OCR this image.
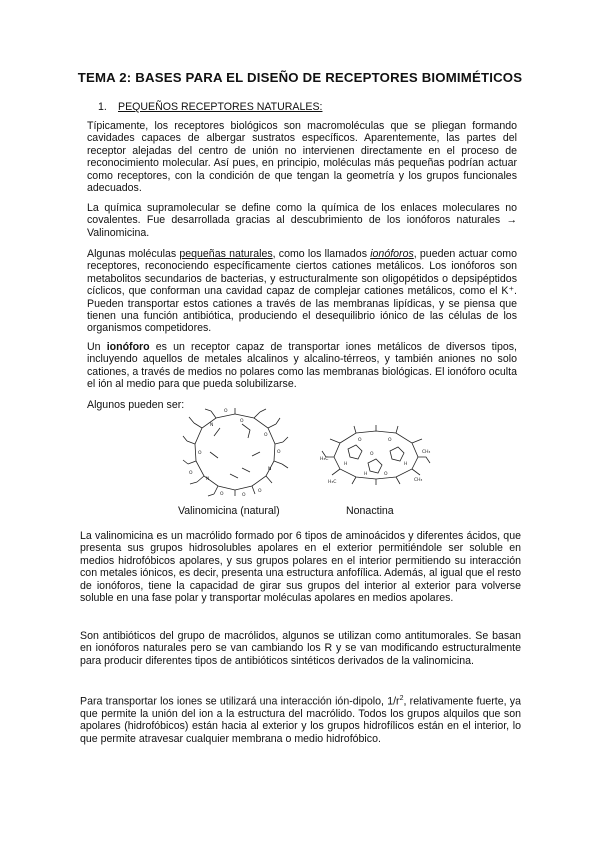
TEMA 2: BASES PARA EL DISEÑO DE RECEPTORES BIOMIMÉTICOS
1. PEQUEÑOS RECEPTORES NATURALES:

Típicamente, los receptores biológicos son macromoléculas que se pliegan formando cavidades capaces de albergar sustratos específicos. Aparentemente, las partes del receptor alejadas del centro de unión no intervienen directamente en el proceso de reconocimiento molecular. Así pues, en principio, moléculas más pequeñas podrían actuar como receptores, con la condición de que tengan la geometría y los grupos funcionales adecuados.

La química supramolecular se define como la química de los enlaces moleculares no covalentes. Fue desarrollada gracias al descubrimiento de los ionóforos naturales → Valinomicina.

Algunas moléculas pequeñas naturales, como los llamados ionóforos, pueden actuar como receptores, reconociendo específicamente ciertos cationes metálicos. Los ionóforos son metabolitos secundarios de bacterias, y estructuralmente son oligopétidos o depsipéptidos cíclicos, que conforman una cavidad capaz de complejar cationes metálicos, como el K⁺. Pueden transportar estos cationes a través de las membranas lipídicas, y se piensa que tienen una función antibiótica, produciendo el desequilibrio iónico de las células de los organismos competidores.

Un ionóforo es un receptor capaz de transportar iones metálicos de diversos tipos, incluyendo aquellos de metales alcalinos y alcalino-térreos, y también aniones no solo cationes, a través de medios no polares como las membranas biológicas. El ionóforo oculta el ión al medio para que pueda solubilizarse.

Algunos pueden ser:

O
N
O
O
N
N
O
O
O
O
O
O
H₃C
CH₃
O	O
H	H
O
H	O
CH₃
H₃C
Valinomicina (natural)	Nonactina

La valinomicina es un macrólido formado por 6 tipos de aminoácidos y diferentes ácidos, que presenta sus grupos hidrosolubles apolares en el exterior permitiéndole ser soluble en medios hidrofóbicos apolares, y sus grupos polares en el interior permitiendo su interacción con metales iónicos, es decir, presenta una estructura anfofílica. Además, al igual que el resto de ionóforos, tiene la capacidad de girar sus grupos del interior al exterior para volverse soluble en una fase polar y transportar moléculas apolares en medios apolares.

Son antibióticos del grupo de macrólidos, algunos se utilizan como antitumorales. Se basan en ionóforos naturales pero se van cambiando los R y se van modificando estructuralmente para producir diferentes tipos de antibióticos sintéticos derivados de la valinomicina.

Para transportar los iones se utilizará una interacción ión-dipolo, $1/r^2$, relativamente fuerte, ya que permite la unión del ion a la estructura del macrólido. Todos los grupos alquilos que son apolares (hidrofóbicos) están hacia al exterior y los grupos hidrofílicos están en el interior, lo que permite atravesar cualquier membrana o medio hidrofóbico.
